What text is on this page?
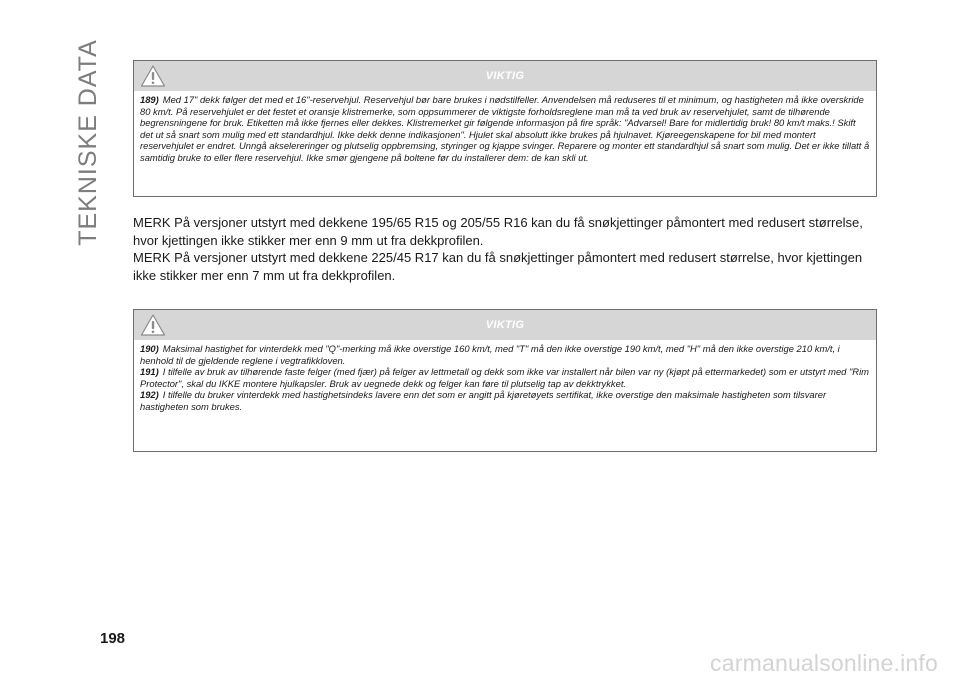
TEKNISKE DATA	VIKTIG

189) Med 17" dekk følger det med et 16"-reservehjul. Reservehjul bør bare brukes i nødstilfeller. Anvendelsen må reduseres til et minimum, og hastigheten må ikke overskride 80 km/t. På reservehjulet er det festet et oransje klistremerke, som oppsummerer de viktigste forholdsreglene man må ta ved bruk av reservehjulet, samt de tilhørende begrensningene for bruk. Etiketten må ikke fjernes eller dekkes. Klistremerket gir følgende informasjon på fire språk: "Advarsel! Bare for midlertidig bruk! 80 km/t maks.! Skift det ut så snart som mulig med ett standardhjul. Ikke dekk denne indikasjonen". Hjulet skal absolutt ikke brukes på hjulnavet. Kjøreegenskapene for bil med montert reservehjulet er endret. Unngå akselereringer og plutselig oppbremsing, styringer og kjappe svinger. Reparere og monter ett standardhjul så snart som mulig. Det er ikke tillatt å samtidig bruke to eller flere reservehjul. Ikke smør gjengene på boltene før du installerer dem: de kan skli ut.

MERK På versjoner utstyrt med dekkene 195/65 R15 og 205/55 R16 kan du få snøkjettinger påmontert med redusert størrelse, hvor kjettingen ikke stikker mer enn 9 mm ut fra dekkprofilen.

MERK På versjoner utstyrt med dekkene 225/45 R17 kan du få snøkjettinger påmontert med redusert størrelse, hvor kjettingen ikke stikker mer enn 7 mm ut fra dekkprofilen.

VIKTIG

190) Maksimal hastighet for vinterdekk med "Q"-merking må ikke overstige 160 km/t, med "T" må den ikke overstige 190 km/t, med "H" må den ikke overstige 210 km/t, i henhold til de gjeldende reglene i vegtrafikkloven.

191) I tilfelle av bruk av tilhørende faste felger (med fjær) på felger av lettmetall og dekk som ikke var installert når bilen var ny (kjøpt på ettermarkedet) som er utstyrt med "Rim Protector", skal du IKKE montere hjulkapsler. Bruk av uegnede dekk og felger kan føre til plutselig tap av dekktrykket.

192) I tilfelle du bruker vinterdekk med hastighetsindeks lavere enn det som er angitt på kjøretøyets sertifikat, ikke overstige den maksimale hastigheten som tilsvarer hastigheten som brukes.

198
carmanualsonline.info
